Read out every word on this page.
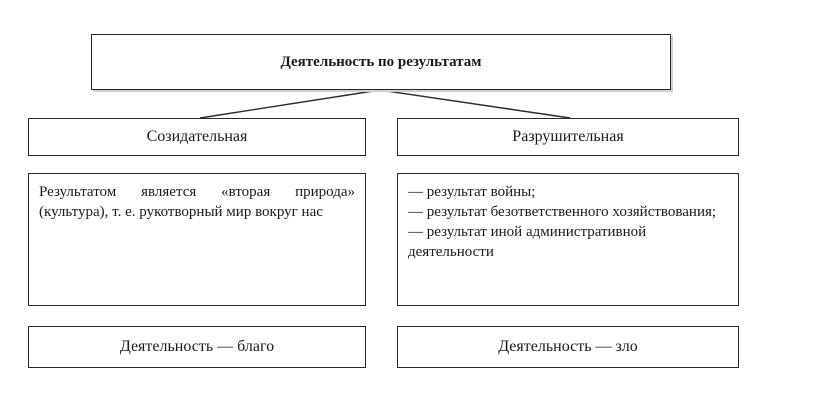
Деятельность по результатам
Созидательная	Разрушительная

Результатом является «вторая природа» (культура), т. е. рукотворный мир вокруг нас

— результат войны;
— результат безответственного хозяйствования;
— результат иной административной деятельности
Деятельность — благо	Деятельность — зло
